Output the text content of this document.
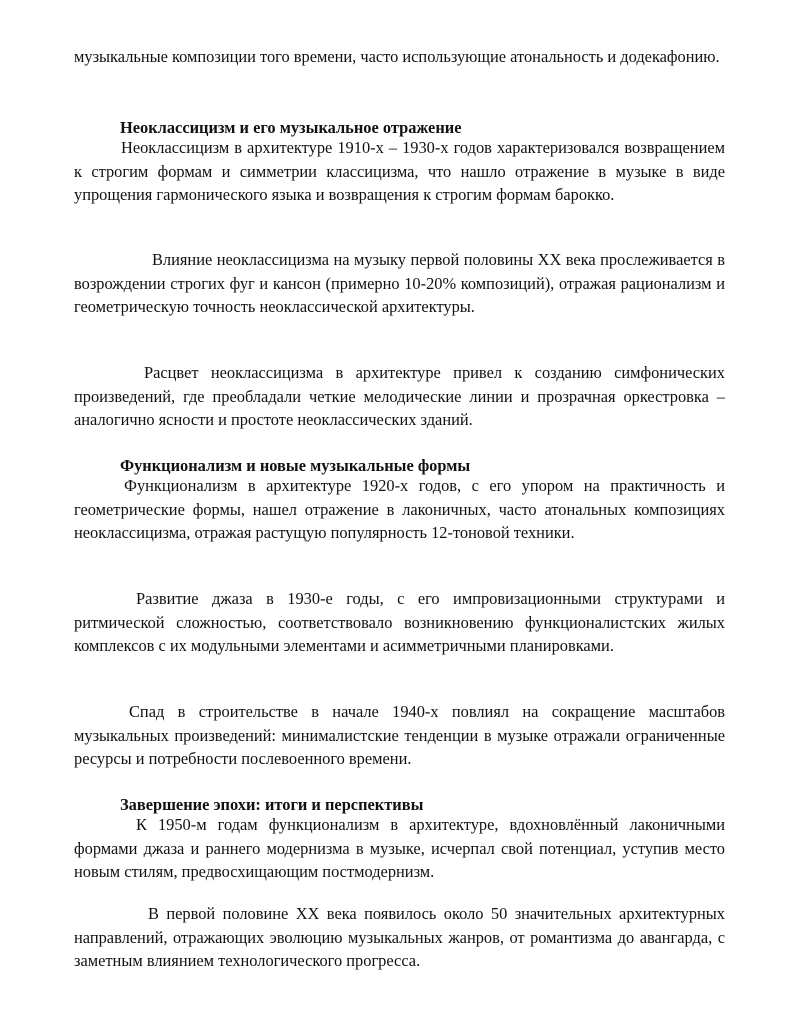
музыкальные композиции того времени, часто использующие атональность и додекафонию.

Неоклассицизм и его музыкальное отражение

Неоклассицизм в архитектуре 1910-х – 1930-х годов характеризовался возвращением к строгим формам и симметрии классицизма, что нашло отражение в музыке в виде упрощения гармонического языка и возвращения к строгим формам барокко.

Влияние неоклассицизма на музыку первой половины XX века прослеживается в возрождении строгих фуг и кансон (примерно 10-20% композиций), отражая рационализм и геометрическую точность неоклассической архитектуры.

Расцвет неоклассицизма в архитектуре привел к созданию симфонических произведений, где преобладали четкие мелодические линии и прозрачная оркестровка – аналогично ясности и простоте неоклассических зданий.

Функционализм и новые музыкальные формы

Функционализм в архитектуре 1920-х годов, с его упором на практичность и геометрические формы, нашел отражение в лаконичных, часто атональных композициях неоклассицизма, отражая растущую популярность 12-тоновой техники.

Развитие джаза в 1930-е годы, с его импровизационными структурами и ритмической сложностью, соответствовало возникновению функционалистских жилых комплексов с их модульными элементами и асимметричными планировками.

Спад в строительстве в начале 1940-х повлиял на сокращение масштабов музыкальных произведений: минималистские тенденции в музыке отражали ограниченные ресурсы и потребности послевоенного времени.

Завершение эпохи: итоги и перспективы

К 1950-м годам функционализм в архитектуре, вдохновлённый лаконичными формами джаза и раннего модернизма в музыке, исчерпал свой потенциал, уступив место новым стилям, предвосхищающим постмодернизм.

В первой половине XX века появилось около 50 значительных архитектурных направлений, отражающих эволюцию музыкальных жанров, от романтизма до авангарда, с заметным влиянием технологического прогресса.
